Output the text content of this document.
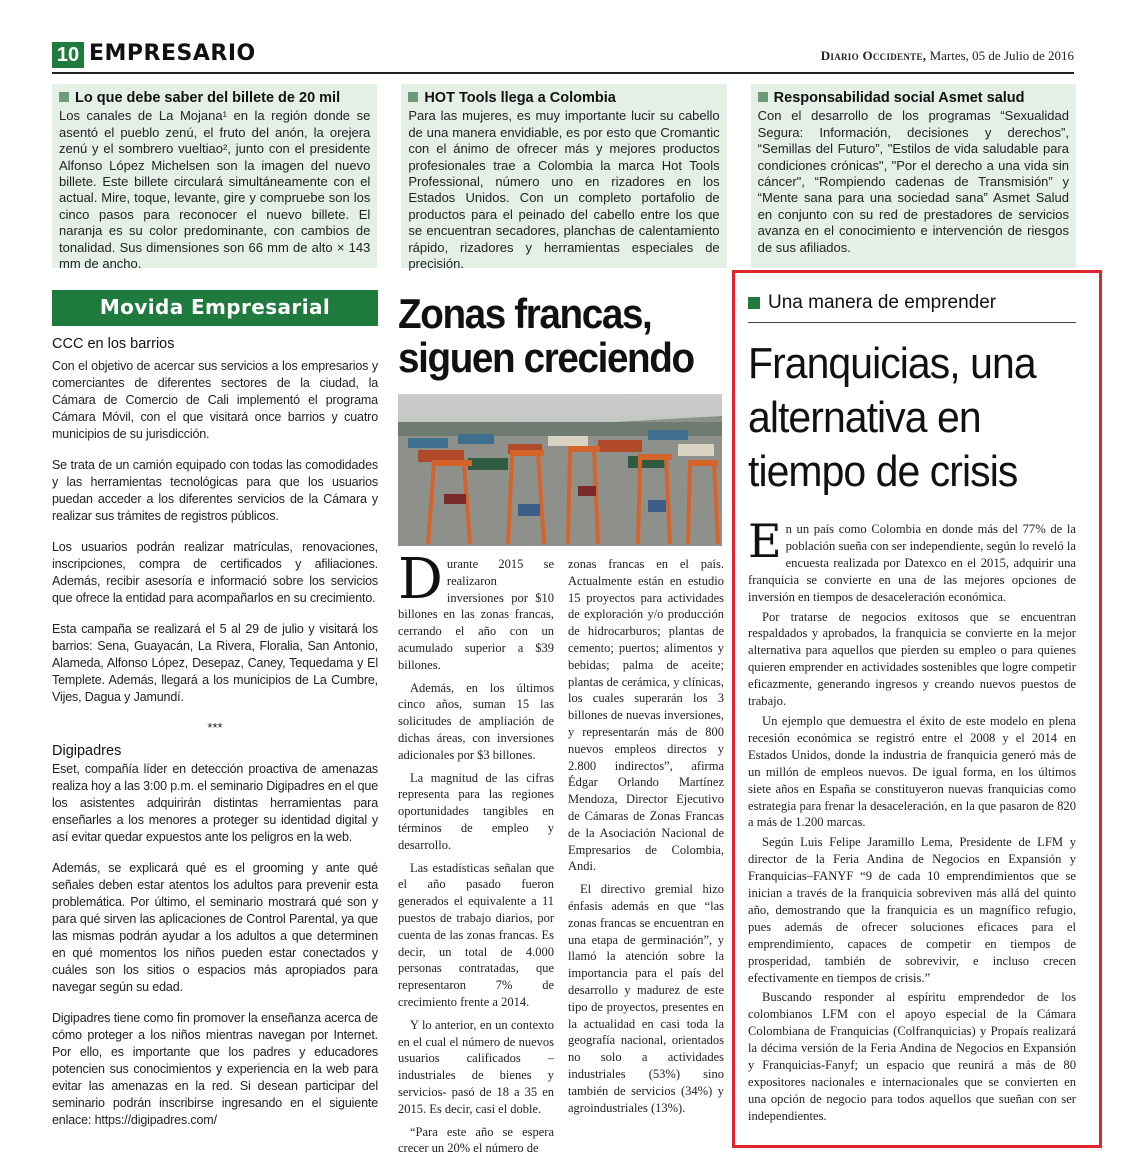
10 EMPRESARIO	Diario Occidente, Martes, 05 de Julio de 2016
Lo que debe saber del billete de 20 mil

Los canales de La Mojana¹ en la región donde se asentó el pueblo zenú, el fruto del anón, la orejera zenú y el sombrero vueltiao², junto con el presidente Alfonso López Michelsen son la imagen del nuevo billete. Este billete circulará simultáneamente con el actual. Mire, toque, levante, gire y compruebe son los cinco pasos para reconocer el nuevo billete. El naranja es su color predominante, con cambios de tonalidad. Sus dimensiones son 66 mm de alto × 143 mm de ancho.

HOT Tools llega a Colombia

Para las mujeres, es muy importante lucir su cabello de una manera envidiable, es por esto que Cromantic con el ánimo de ofrecer más y mejores productos profesionales trae a Colombia la marca Hot Tools Professional, número uno en rizadores en los Estados Unidos. Con un completo portafolio de productos para el peinado del cabello entre los que se encuentran secadores, planchas de calentamiento rápido, rizadores y herramientas especiales de precisión.

Responsabilidad social Asmet salud

Con el desarrollo de los programas “Sexualidad Segura: Información, decisiones y derechos”, “Semillas del Futuro”, "Estilos de vida saludable para condiciones crónicas", "Por el derecho a una vida sin cáncer", “Rompiendo cadenas de Transmisión” y “Mente sana para una sociedad sana” Asmet Salud en conjunto con su red de prestadores de servicios avanza en el conocimiento e intervención de riesgos de sus afiliados.

Movida Empresarial
CCC en los barrios

Con el objetivo de acercar sus servicios a los empresarios y comerciantes de diferentes sectores de la ciudad, la Cámara de Comercio de Cali implementó el programa Cámara Móvil, con el que visitará once barrios y cuatro municipios de su jurisdicción.

Se trata de un camión equipado con todas las comodidades y las herramientas tecnológicas para que los usuarios puedan acceder a los diferentes servicios de la Cámara y realizar sus trámites de registros públicos.

Los usuarios podrán realizar matrículas, renovaciones, inscripciones, compra de certificados y afiliaciones. Además, recibir asesoría e informació sobre los servicios que ofrece la entidad para acompañarlos en su crecimiento.

Esta campaña se realizará el 5 al 29 de julio y visitará los barrios: Sena, Guayacán, La Rivera, Floralia, San Antonio, Alameda, Alfonso López, Desepaz, Caney, Tequedama y El Templete. Además, llegará a los municipios de La Cumbre, Vijes, Dagua y Jamundí.

***
Digipadres

Eset, compañía líder en detección proactiva de amenazas realiza hoy a las 3:00 p.m. el seminario Digipadres en el que los asistentes adquirirán distintas herramientas para enseñarles a los menores a proteger su identidad digital y así evitar quedar expuestos ante los peligros en la web.

Además, se explicará qué es el grooming y ante qué señales deben estar atentos los adultos para prevenir esta problemática. Por último, el seminario mostrará qué son y para qué sirven las aplicaciones de Control Parental, ya que las mismas podrán ayudar a los adultos a que determinen en qué momentos los niños pueden estar conectados y cuáles son los sitios o espacios más apropiados para navegar según su edad.

Digipadres tiene como fin promover la enseñanza acerca de cómo proteger a los niños mientras navegan por Internet. Por ello, es importante que los padres y educadores potencien sus conocimientos y experiencia en la web para evitar las amenazas en la red. Si desean participar del seminario podrán inscribirse ingresando en el siguiente enlace: https://digipadres.com/

Zonas francas, siguen creciendo

Durante 2015 se realizaron inversiones por $10 billones en las zonas francas, cerrando el año con un acumulado superior a $39 billones.

Además, en los últimos cinco años, suman 15 las solicitudes de ampliación de dichas áreas, con inversiones adicionales por $3 billones.

La magnitud de las cifras representa para las regiones oportunidades tangibles en términos de empleo y desarrollo.

Las estadísticas señalan que el año pasado fueron generados el equivalente a 11 puestos de trabajo diarios, por cuenta de las zonas francas. Es decir, un total de 4.000 personas contratadas, que representaron 7% de crecimiento frente a 2014.

Y lo anterior, en un contexto en el cual el número de nuevos usuarios calificados –industriales de bienes y servicios- pasó de 18 a 35 en 2015. Es decir, casi el doble.

“Para este año se espera crecer un 20% el número de

zonas francas en el país. Actualmente están en estudio 15 proyectos para actividades de exploración y/o producción de hidrocarburos; plantas de cemento; puertos; alimentos y bebidas; palma de aceite; plantas de cerámica, y clínicas, los cuales superarán los 3 billones de nuevas inversiones, y representarán más de 800 nuevos empleos directos y 2.800 indirectos”, afirma Édgar Orlando Martínez Mendoza, Director Ejecutivo de Cámaras de Zonas Francas de la Asociación Nacional de Empresarios de Colombia, Andi.

El directivo gremial hizo énfasis además en que “las zonas francas se encuentran en una etapa de germinación”, y llamó la atención sobre la importancia para el país del desarrollo y madurez de este tipo de proyectos, presentes en la actualidad en casi toda la geografía nacional, orientados no solo a actividades industriales (53%) sino también de servicios (34%) y agroindustriales (13%).

Una manera de emprender
Franquicias, una alternativa en tiempo de crisis

En un país como Colombia en donde más del 77% de la población sueña con ser independiente, según lo reveló la encuesta realizada por Datexco en el 2015, adquirir una franquicia se convierte en una de las mejores opciones de inversión en tiempos de desaceleración económica.

Por tratarse de negocios exitosos que se encuentran respaldados y aprobados, la franquicia se convierte en la mejor alternativa para aquellos que pierden su empleo o para quienes quieren emprender en actividades sostenibles que logre competir eficazmente, generando ingresos y creando nuevos puestos de trabajo.

Un ejemplo que demuestra el éxito de este modelo en plena recesión económica se registró entre el 2008 y el 2014 en Estados Unidos, donde la industria de franquicia generó más de un millón de empleos nuevos. De igual forma, en los últimos siete años en España se constituyeron nuevas franquicias como estrategia para frenar la desaceleración, en la que pasaron de 820 a más de 1.200 marcas.

Según Luis Felipe Jaramillo Lema, Presidente de LFM y director de la Feria Andina de Negocios en Expansión y Franquicias–FANYF “9 de cada 10 emprendimientos que se inician a través de la franquicia sobreviven más allá del quinto año, demostrando que la franquicia es un magnífico refugio, pues además de ofrecer soluciones eficaces para el emprendimiento, capaces de competir en tiempos de prosperidad, también de sobrevivir, e incluso crecen efectivamente en tiempos de crisis.”

Buscando responder al espíritu emprendedor de los colombianos LFM con el apoyo especial de la Cámara Colombiana de Franquicias (Colfranquicias) y Propaís realizará la décima versión de la Feria Andina de Negocios en Expansión y Franquicias-Fanyf; un espacio que reunirá a más de 80 expositores nacionales e internacionales que se convierten en una opción de negocio para todos aquellos que sueñan con ser independientes.
